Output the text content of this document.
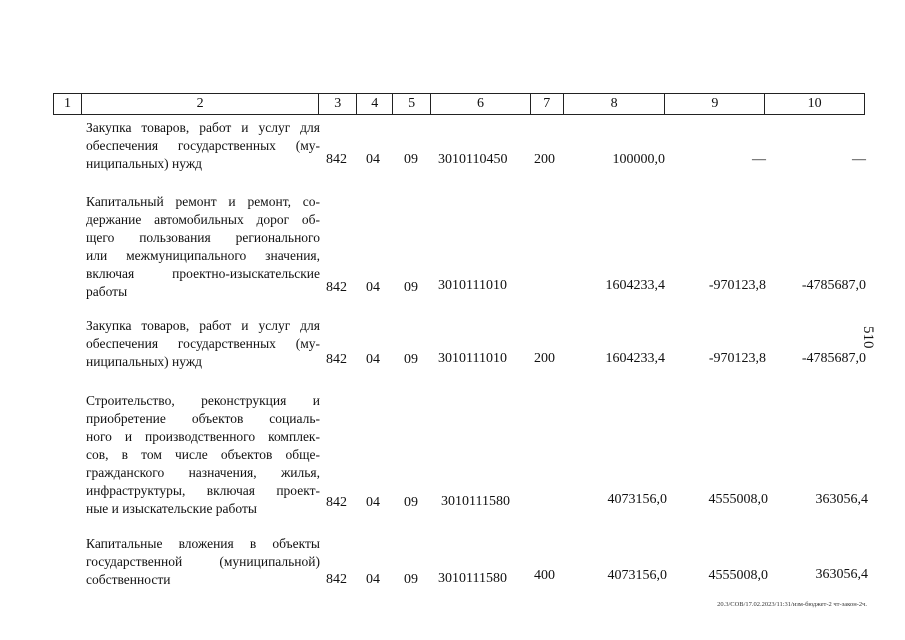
1	2	3	4	5	6	7	8	9	10
Закупка товаров, работ и услуг для
обеспечения государственных (му-
ниципальных) нужд	842 04 09 3010110450 200	100000,0	—	—
Капитальный ремонт и ремонт, со-
держание автомобильных дорог об-
щего пользования регионального
или межмуниципального значения,
включая проектно-изыскательские
работы	842 04 09 3010111010	1604233,4	-970123,8	-4785687,0
Закупка товаров, работ и услуг для
обеспечения государственных (му-
ниципальных) нужд	842 04 09 3010111010 200	1604233,4	-970123,8	-4785687,0
Строительство, реконструкция и
приобретение объектов социаль-
ного и производственного комплек-
сов, в том числе объектов обще-
гражданского назначения, жилья,
инфраструктуры, включая проект-
ные и изыскательские работы	842 04 09 3010111580	4073156,0	4555008,0	363056,4
Капитальные вложения в объекты
государственной (муниципальной)
собственности	842 04 09 3010111580 400	4073156,0	4555008,0	363056,4
510
20.3/СОВ/17.02.2023/11:31/изм-бюджет-2 чт-закон-2ч.
